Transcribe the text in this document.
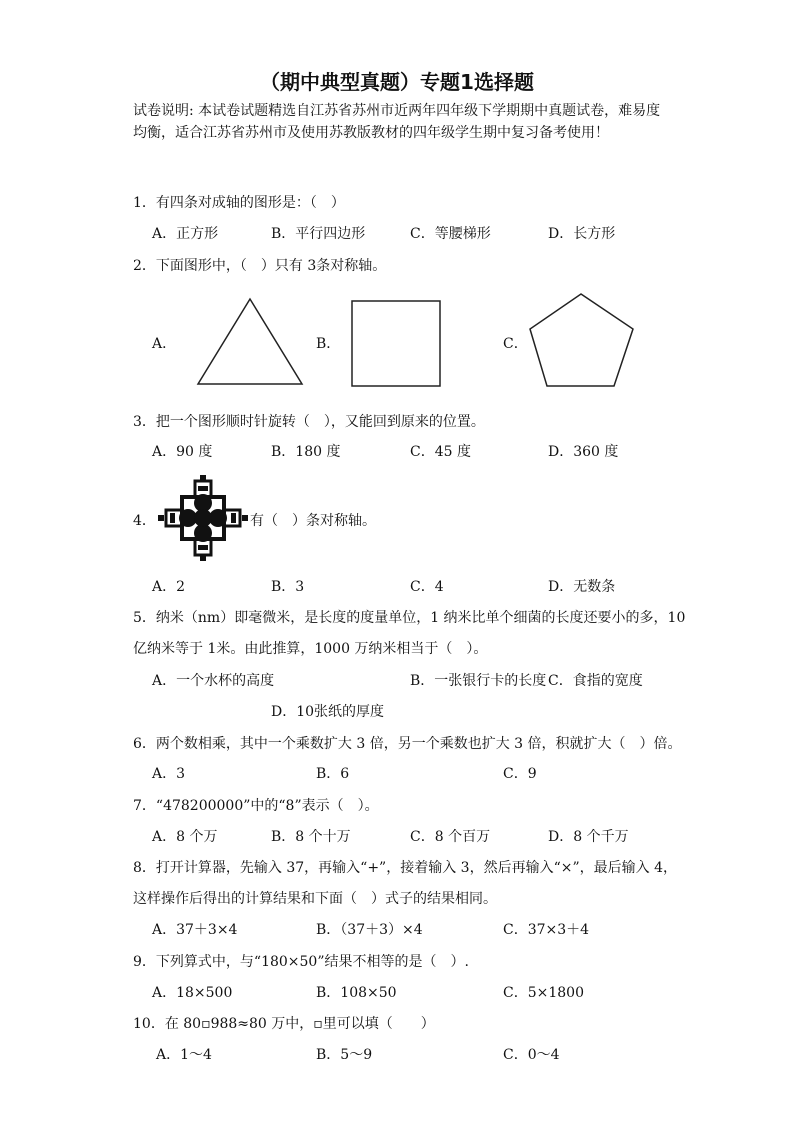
（期中典型真题）专题1选择题
试卷说明: 本试卷试题精选自江苏省苏州市近两年四年级下学期期中真题试卷，难易度
均衡，适合江苏省苏州市及使用苏教版教材的四年级学生期中复习备考使用！
1．有四条对成轴的图形是：（　）
A．正方形	B．平行四边形	C．等腰梯形	D．长方形
2．下面图形中，（　）只有 3条对称轴。
A．	B．	C．
3．把一个图形顺时针旋转（　），又能回到原来的位置。
A．90 度	B．180 度	C．45 度	D．360 度
4．	有（　）条对称轴。
A．2	B．3	C．4	D．无数条
5．纳米（nm）即毫微米，是长度的度量单位，1 纳米比单个细菌的长度还要小的多，10
亿纳米等于 1米。由此推算，1000 万纳米相当于（　）。
A．一个水杯的高度	B．一张银行卡的长度 C．食指的宽度
D．10张纸的厚度
6．两个数相乘，其中一个乘数扩大 3 倍，另一个乘数也扩大 3 倍，积就扩大（　）倍。
A．3	B．6	C．9
7．“478200000”中的“8”表示（　）。
A．8 个万	B．8 个十万	C．8 个百万	D．8 个千万
8．打开计算器，先输入 37，再输入“+”，接着输入 3，然后再输入“×”，最后输入 4，
这样操作后得出的计算结果和下面（　）式子的结果相同。
A．37＋3×4	B．（37＋3）×4	C．37×3＋4
9．下列算式中，与“180×50”结果不相等的是（　）.
A．18×500	B．108×50	C．5×1800
10．在 80▫988≈80 万中，▫里可以填（　　）
A．1～4	B．5～9	C．0～4
